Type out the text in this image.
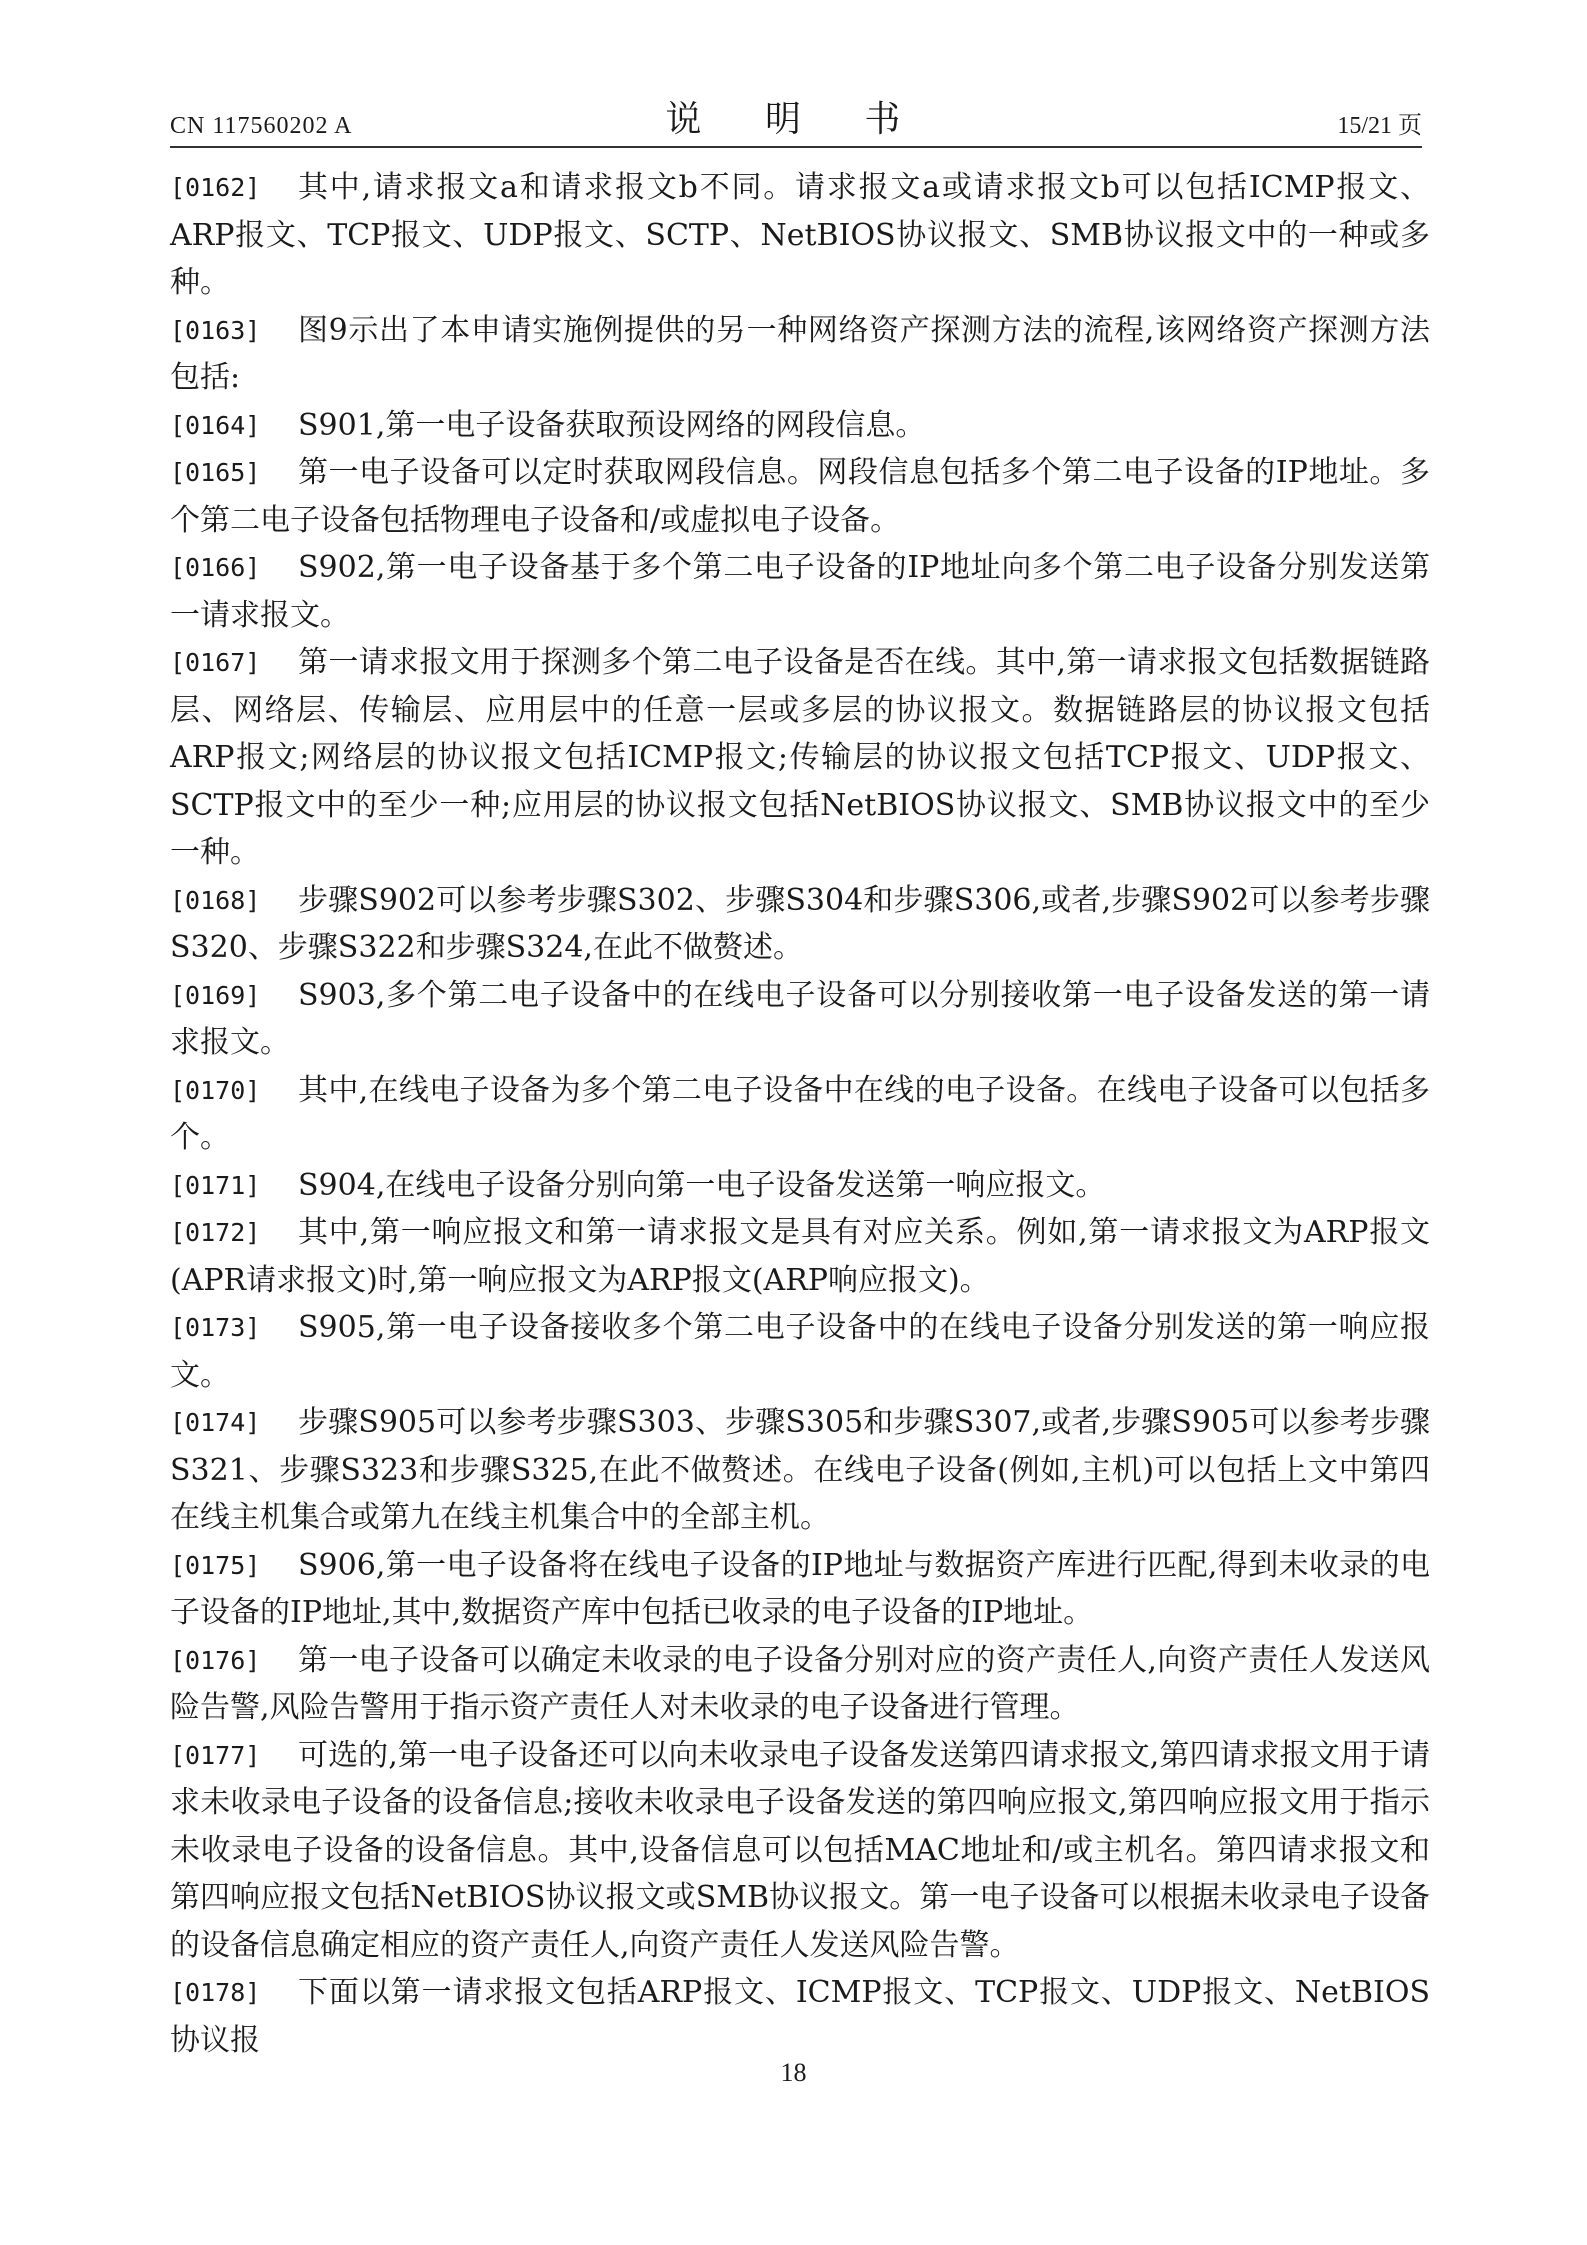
CN 117560202 A	说 明 书	15/21 页
[0162]	其中,请求报文a和请求报文b不同。请求报文a或请求报文b可以包括ICMP报文、ARP报文、TCP报文、UDP报文、SCTP、NetBIOS协议报文、SMB协议报文中的一种或多种。
[0163]	图9示出了本申请实施例提供的另一种网络资产探测方法的流程,该网络资产探测方法包括:
[0164]	S901,第一电子设备获取预设网络的网段信息。
[0165]	第一电子设备可以定时获取网段信息。网段信息包括多个第二电子设备的IP地址。多个第二电子设备包括物理电子设备和/或虚拟电子设备。
[0166]	S902,第一电子设备基于多个第二电子设备的IP地址向多个第二电子设备分别发送第一请求报文。
[0167]	第一请求报文用于探测多个第二电子设备是否在线。其中,第一请求报文包括数据链路层、网络层、传输层、应用层中的任意一层或多层的协议报文。数据链路层的协议报文包括ARP报文;网络层的协议报文包括ICMP报文;传输层的协议报文包括TCP报文、UDP报文、SCTP报文中的至少一种;应用层的协议报文包括NetBIOS协议报文、SMB协议报文中的至少一种。
[0168]	步骤S902可以参考步骤S302、步骤S304和步骤S306,或者,步骤S902可以参考步骤S320、步骤S322和步骤S324,在此不做赘述。
[0169]	S903,多个第二电子设备中的在线电子设备可以分别接收第一电子设备发送的第一请求报文。
[0170]	其中,在线电子设备为多个第二电子设备中在线的电子设备。在线电子设备可以包括多个。
[0171]	S904,在线电子设备分别向第一电子设备发送第一响应报文。
[0172]	其中,第一响应报文和第一请求报文是具有对应关系。例如,第一请求报文为ARP报文(APR请求报文)时,第一响应报文为ARP报文(ARP响应报文)。
[0173]	S905,第一电子设备接收多个第二电子设备中的在线电子设备分别发送的第一响应报文。
[0174]	步骤S905可以参考步骤S303、步骤S305和步骤S307,或者,步骤S905可以参考步骤S321、步骤S323和步骤S325,在此不做赘述。在线电子设备(例如,主机)可以包括上文中第四在线主机集合或第九在线主机集合中的全部主机。
[0175]	S906,第一电子设备将在线电子设备的IP地址与数据资产库进行匹配,得到未收录的电子设备的IP地址,其中,数据资产库中包括已收录的电子设备的IP地址。
[0176]	第一电子设备可以确定未收录的电子设备分别对应的资产责任人,向资产责任人发送风险告警,风险告警用于指示资产责任人对未收录的电子设备进行管理。
[0177]	可选的,第一电子设备还可以向未收录电子设备发送第四请求报文,第四请求报文用于请求未收录电子设备的设备信息;接收未收录电子设备发送的第四响应报文,第四响应报文用于指示未收录电子设备的设备信息。其中,设备信息可以包括MAC地址和/或主机名。第四请求报文和第四响应报文包括NetBIOS协议报文或SMB协议报文。第一电子设备可以根据未收录电子设备的设备信息确定相应的资产责任人,向资产责任人发送风险告警。
[0178]	下面以第一请求报文包括ARP报文、ICMP报文、TCP报文、UDP报文、NetBIOS协议报
18
